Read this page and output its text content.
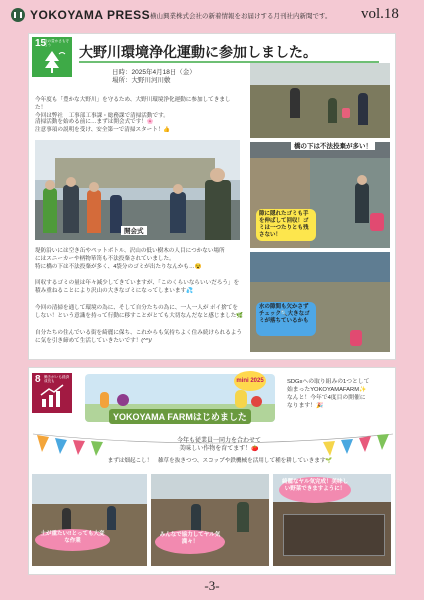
YOKOYAMA PRESS 横山興業株式会社の新着情報をお届けする月刊社内新聞です。 vol.18
15
陸の豊かさも守ろう	大野川環境浄化運動に参加しました。
日時：2025年4月18日（金）
場所：大野川河川敷
今年度も「豊かな大野川」を守るため、大野川環境浄化運動に参加してきました！
今回は弊社　工事部工事課・総務課で清掃活動です。
清掃活動を始める前に…まずは開会式です！🌸
注意事項の説明を受け、安全第一で清掃スタート！👍
開会式
堤防沿いには空き缶やペットボトル、沢山の低い樹木の人目につかない場所
にはスニーカーや柄物箪笥も不法投棄されていました。
特に橋の下は不法投棄が多く、4袋分のゴミが出たりなんかも…😵
回収するゴミの量は年々減少してきていますが、「このくらいならいいだろう」を
積み重ねることにより沢山の大きなゴミになってしまいます💦
今回の清掃を通して環境の為に、そして自分たちの為に、一人一人が ポイ捨てを
しない！という意識を持って行動に移すことがとても大切なんだなと感じました🌿
自分たちの住んでいる街を綺麗に保ち、これからも気持ちよく住み続けられるよう
に気を引き締めて生活していきたいです！(^^)/
橋の下は不法投棄が多い！
隙に隠れたゴミも手を伸ばして回収！ゴミは一つたりとも残さない！
水の隙間も欠かさずチェック🔍大きなゴミが落ちているかも
8 働きがいも経済成長も	mini 2025
YOKOYAMA FARMはじめました
SDGsへの取り組みの1つとして
始まったYOKOYAMAFARM✨
なんと！今年で4度目の開催に
なります！🎉
今年も従業員一同力を合わせて
美味しい作物を育てます！🍅
まずは畑起こし！　雑草を抜きつつ、スコップや鉄機械を活用して種を耕していきます🌱
土が重たい!!とっても大変な作業
みんなで協力してヤル気満々！
綺麗なヤル気完成！美味しい野菜できますように！
-3-
